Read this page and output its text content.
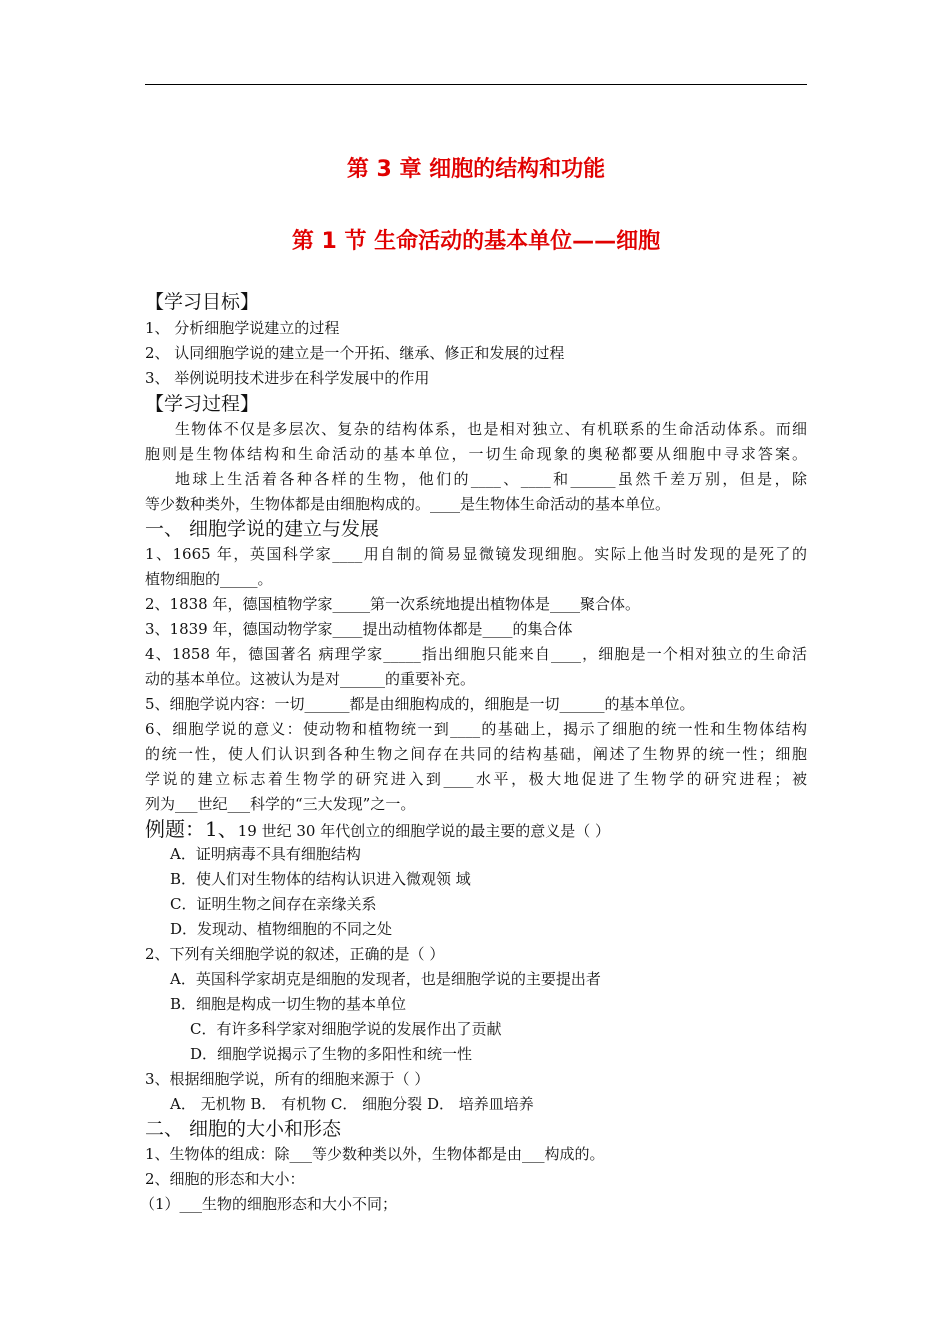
第 3 章 细胞的结构和功能
第 1 节 生命活动的基本单位——细胞
【学习目标】
1、 分析细胞学说建立的过程
2、 认同细胞学说的建立是一个开拓、继承、修正和发展的过程
3、 举例说明技术进步在科学发展中的作用
【学习过程】
生物体不仅是多层次、复杂的结构体系，也是相对独立、有机联系的生命活动体系。而细
胞则是生物体结构和生命活动的基本单位，一切生命现象的奥秘都要从细胞中寻求答案。
地球上生活着各种各样的生物，他们的____、____和______虽然千差万别，但是，除
等少数种类外，生物体都是由细胞构成的。____是生物体生命活动的基本单位。
一、 细胞学说的建立与发展
1、1665 年，英国科学家____用自制的简易显微镜发现细胞。实际上他当时发现的是死了的
植物细胞的_____。
2、1838 年，德国植物学家_____第一次系统地提出植物体是____聚合体。
3、1839 年，德国动物学家____提出动植物体都是____的集合体
4、1858 年，德国著名 病理学家_____指出细胞只能来自____，细胞是一个相对独立的生命活
动的基本单位。这被认为是对______的重要补充。
5、细胞学说内容：一切______都是由细胞构成的，细胞是一切______的基本单位。
6、细胞学说的意义：使动物和植物统一到____的基础上，揭示了细胞的统一性和生物体结构
的统一性，使人们认识到各种生物之间存在共同的结构基础，阐述了生物界的统一性；细胞
学说的建立标志着生物学的研究进入到____水平，极大地促进了生物学的研究进程；被
列为___世纪___科学的“三大发现”之一。
例题：1、19 世纪 30 年代创立的细胞学说的最主要的意义是（ ）
A．证明病毒不具有细胞结构
B．使人们对生物体的结构认识进入微观领 域
C．证明生物之间存在亲缘关系
D．发现动、植物细胞的不同之处
2、下列有关细胞学说的叙述，正确的是（ ）
A．英国科学家胡克是细胞的发现者，也是细胞学说的主要提出者
B．细胞是构成一切生物的基本单位
C．有许多科学家对细胞学说的发展作出了贡献
D．细胞学说揭示了生物的多阳性和统一性
3、根据细胞学说，所有的细胞来源于（ ）
A． 无机物 B． 有机物 C． 细胞分裂 D． 培养皿培养
二、 细胞的大小和形态
1、生物体的组成：除___等少数种类以外，生物体都是由___构成的。
2、细胞的形态和大小：
（1）___生物的细胞形态和大小不同；
